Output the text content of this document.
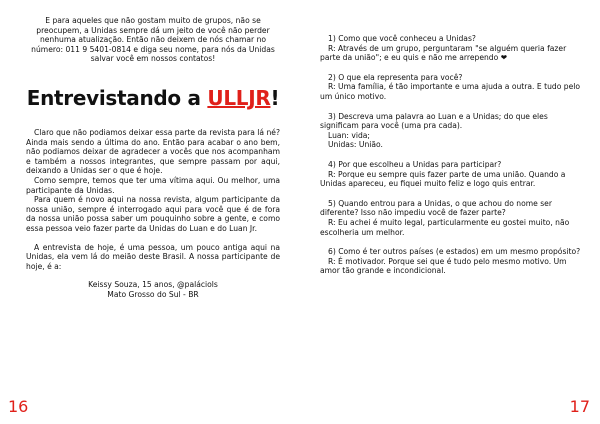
E para aqueles que não gostam muito de grupos, não se preocupem, a Unidas sempre dá um jeito de você não perder nenhuma atualização. Então não deixem de nós chamar no número: 011 9 5401-0814 e diga seu nome, para nós da Unidas salvar você em nossos contatos!

Entrevistando a ULLJR!

Claro que não podiamos deixar essa parte da revista para lá né? Ainda mais sendo a última do ano. Então para acabar o ano bem, não podiamos deixar de agradecer a vocês que nos acompanham e também a nossos integrantes, que sempre passam por aqui, deixando a Unidas ser o que é hoje.

Como sempre, temos que ter uma vítima aqui. Ou melhor, uma participante da Unidas.

Para quem é novo aqui na nossa revista, algum participante da nossa união, sempre é interrogado aqui para você que é de fora da nossa união possa saber um pouquinho sobre a gente, e como essa pessoa veio fazer parte da Unidas do Luan e do Luan Jr.

A entrevista de hoje, é uma pessoa, um pouco antiga aqui na Unidas, ela vem lá do meião deste Brasil. A nossa participante de hoje, é a:

Keissy Souza, 15 anos, @paláciols

Mato Grosso do Sul - BR

16

1) Como que você conheceu a Unidas?

R: Através de um grupo, perguntaram "se alguém queria fazer parte da união"; e eu quis e não me arrependo ❤

2) O que ela representa para você?

R: Uma família, é tão importante e uma ajuda a outra. E tudo pelo um único motivo.

3) Descreva uma palavra ao Luan e a Unidas; do que eles significam para você (uma pra cada).

Luan: vida;

Unidas: União.

4) Por que escolheu a Unidas para participar?

R: Porque eu sempre quis fazer parte de uma união. Quando a Unidas apareceu, eu fiquei muito feliz e logo quis entrar.

5) Quando entrou para a Unidas, o que achou do nome ser diferente? Isso não impediu você de fazer parte?

R: Eu achei é muito legal, particularmente eu gostei muito, não escolheria um melhor.

6) Como é ter outros países (e estados) em um mesmo propósito?

R: É motivador. Porque sei que é tudo pelo mesmo motivo. Um amor tão grande e incondicional.

17
